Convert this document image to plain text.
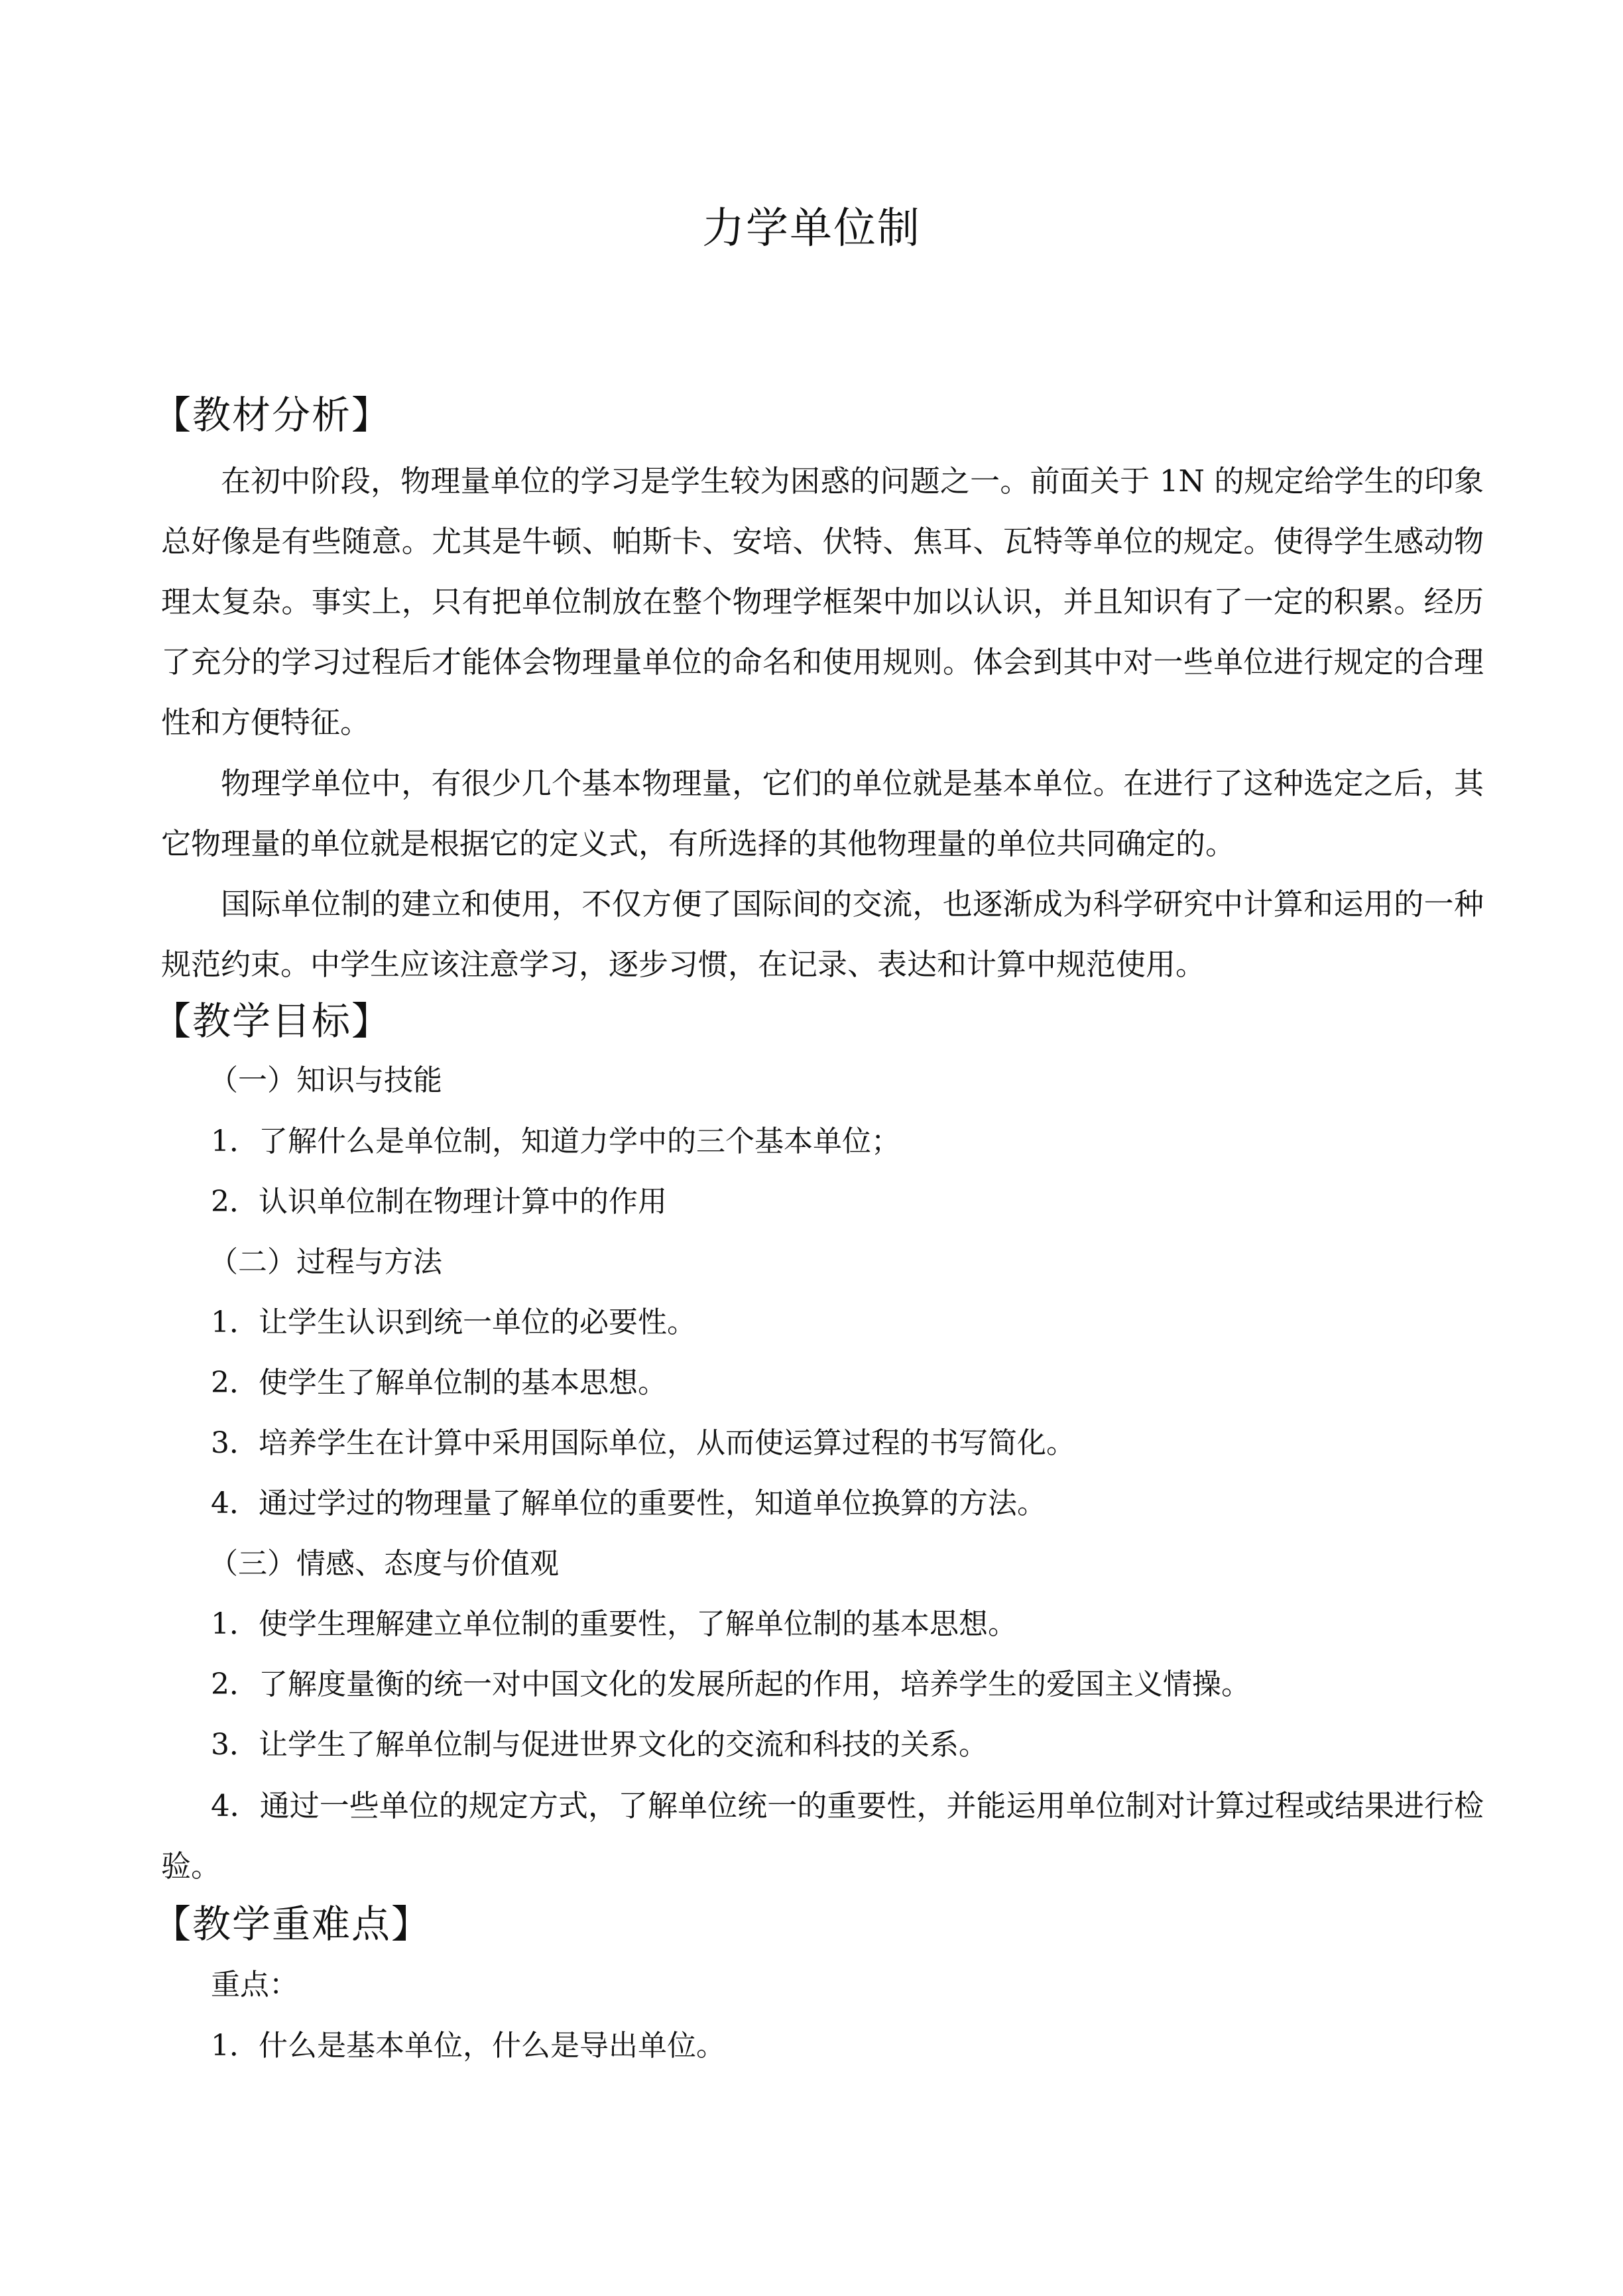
力学单位制
【教材分析】

在初中阶段，物理量单位的学习是学生较为困惑的问题之一。前面关于 1N 的规定给学生的印象总好像是有些随意。尤其是牛顿、帕斯卡、安培、伏特、焦耳、瓦特等单位的规定。使得学生感动物理太复杂。事实上，只有把单位制放在整个物理学框架中加以认识，并且知识有了一定的积累。经历了充分的学习过程后才能体会物理量单位的命名和使用规则。体会到其中对一些单位进行规定的合理性和方便特征。

物理学单位中，有很少几个基本物理量，它们的单位就是基本单位。在进行了这种选定之后，其它物理量的单位就是根据它的定义式，有所选择的其他物理量的单位共同确定的。

国际单位制的建立和使用，不仅方便了国际间的交流，也逐渐成为科学研究中计算和运用的一种规范约束。中学生应该注意学习，逐步习惯，在记录、表达和计算中规范使用。

【教学目标】

（一）知识与技能

1．了解什么是单位制，知道力学中的三个基本单位；

2．认识单位制在物理计算中的作用

（二）过程与方法

1．让学生认识到统一单位的必要性。

2．使学生了解单位制的基本思想。

3．培养学生在计算中采用国际单位，从而使运算过程的书写简化。

4．通过学过的物理量了解单位的重要性，知道单位换算的方法。

（三）情感、态度与价值观

1．使学生理解建立单位制的重要性，了解单位制的基本思想。

2．了解度量衡的统一对中国文化的发展所起的作用，培养学生的爱国主义情操。

3．让学生了解单位制与促进世界文化的交流和科技的关系。

4．通过一些单位的规定方式，了解单位统一的重要性，并能运用单位制对计算过程或结果进行检验。

【教学重难点】

重点：

1．什么是基本单位，什么是导出单位。
